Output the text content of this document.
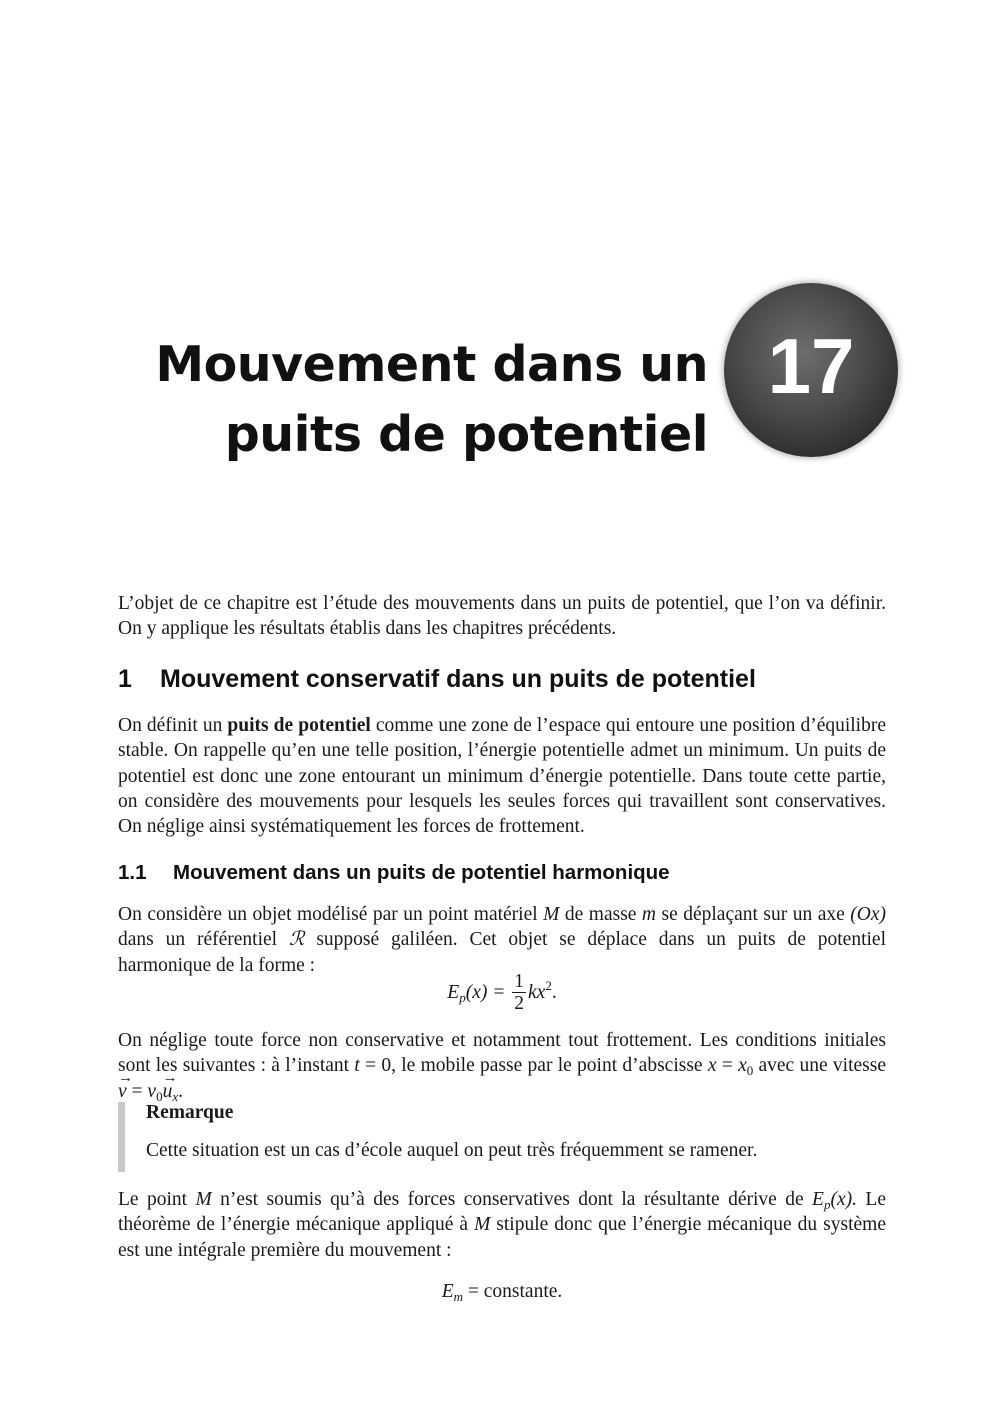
Mouvement dans un
puits de potentiel
17

L’objet de ce chapitre est l’étude des mouvements dans un puits de potentiel, que l’on va définir. On y applique les résultats établis dans les chapitres précédents.

1 Mouvement conservatif dans un puits de potentiel

On définit un puits de potentiel comme une zone de l’espace qui entoure une position d’équilibre stable. On rappelle qu’en une telle position, l’énergie potentielle admet un minimum. Un puits de potentiel est donc une zone entourant un minimum d’énergie potentielle. Dans toute cette partie, on considère des mouvements pour lesquels les seules forces qui travaillent sont conservatives. On néglige ainsi systématiquement les forces de frottement.

1.1 Mouvement dans un puits de potentiel harmonique

On considère un objet modélisé par un point matériel M de masse m se déplaçant sur un axe (Ox) dans un référentiel ℛ supposé galiléen. Cet objet se déplace dans un puits de potentiel harmonique de la forme :

$E_p(x) = \frac{1}{2} kx^2$.

On néglige toute force non conservative et notamment tout frottement. Les conditions initiales sont les suivantes : à l’instant t = 0, le mobile passe par le point d’abscisse $x = x_0$ avec une vitesse → $v = v_0\to u_x$.

Remarque
Cette situation est un cas d’école auquel on peut très fréquemment se ramener.

Le point M n’est soumis qu’à des forces conservatives dont la résultante dérive de $E_p(x)$. Le théorème de l’énergie mécanique appliqué à M stipule donc que l’énergie mécanique du système est une intégrale première du mouvement :

$E_m$ = constante.
